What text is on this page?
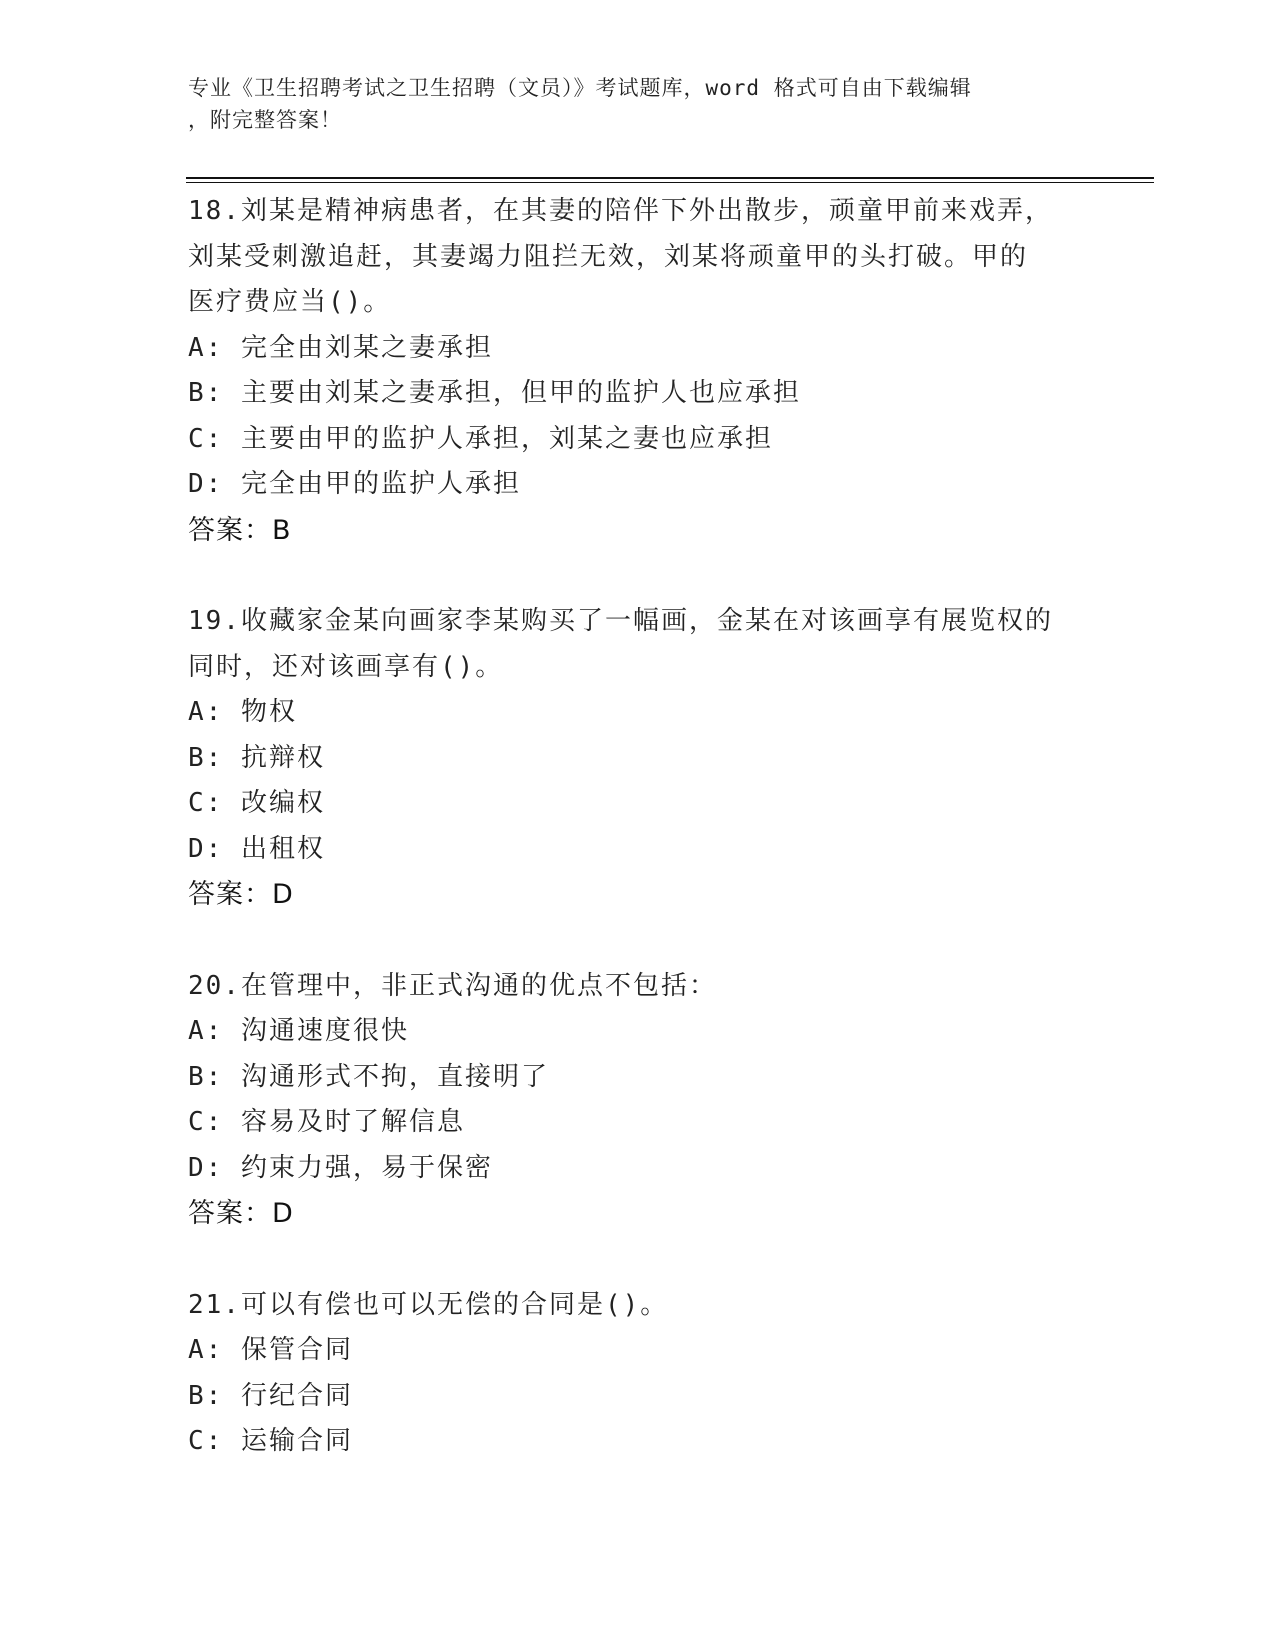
专业《卫生招聘考试之卫生招聘（文员）》考试题库，word 格式可自由下载编辑
，附完整答案！
18.刘某是精神病患者，在其妻的陪伴下外出散步，顽童甲前来戏弄，
刘某受刺激追赶，其妻竭力阻拦无效，刘某将顽童甲的头打破。甲的
医疗费应当()。
A: 完全由刘某之妻承担
B: 主要由刘某之妻承担，但甲的监护人也应承担
C: 主要由甲的监护人承担，刘某之妻也应承担
D: 完全由甲的监护人承担
答案：B
19.收藏家金某向画家李某购买了一幅画，金某在对该画享有展览权的
同时，还对该画享有()。
A: 物权
B: 抗辩权
C: 改编权
D: 出租权
答案：D
20.在管理中，非正式沟通的优点不包括：
A: 沟通速度很快
B: 沟通形式不拘，直接明了
C: 容易及时了解信息
D: 约束力强，易于保密
答案：D
21.可以有偿也可以无偿的合同是()。
A: 保管合同
B: 行纪合同
C: 运输合同
